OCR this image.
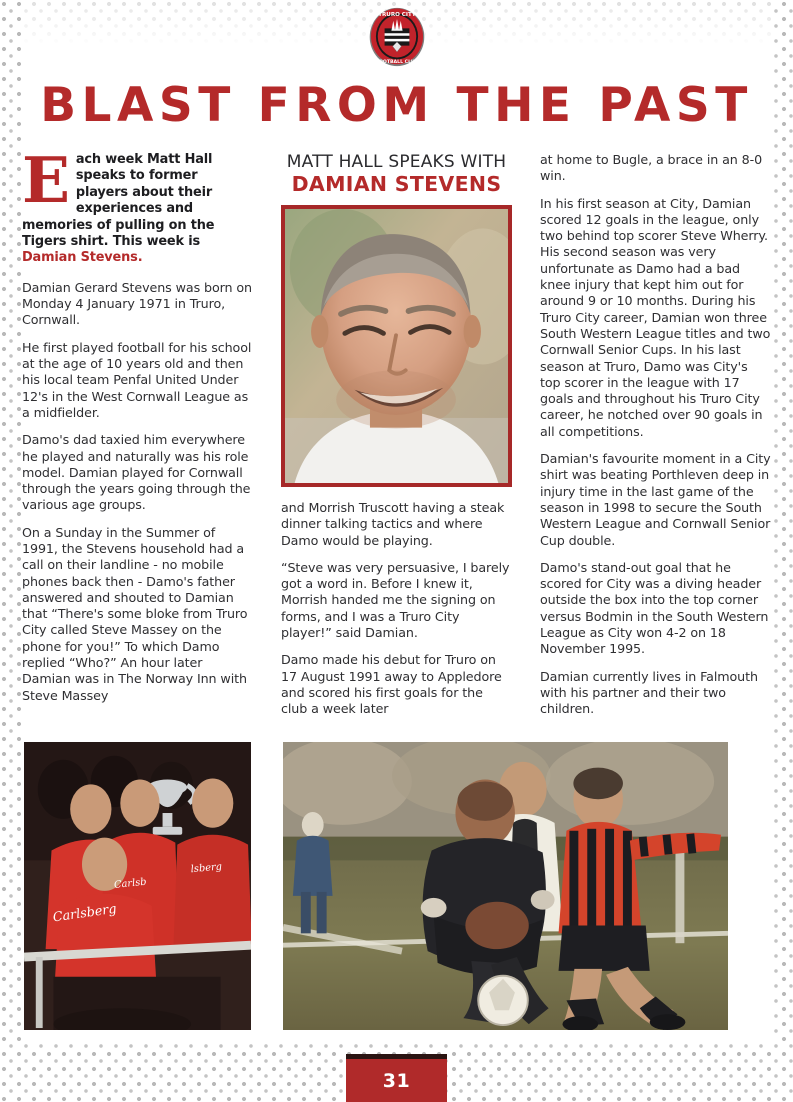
TRURO CITY
FOOTBALL CLUB
BLAST FROM THE PAST

Each week Matt Hall speaks to former players about their experiences and memories of pulling on the Tigers shirt. This week is Damian Stevens.

Damian Gerard Stevens was born on Monday 4 January 1971 in Truro, Cornwall.

He first played football for his school at the age of 10 years old and then his local team Penfal United Under 12's in the West Cornwall League as a midfielder.

Damo's dad taxied him everywhere he played and naturally was his role model. Damian played for Cornwall through the years going through the various age groups.

On a Sunday in the Summer of 1991, the Stevens household had a call on their landline - no mobile phones back then - Damo's father answered and shouted to Damian that “There's some bloke from Truro City called Steve Massey on the phone for you!” To which Damo replied “Who?” An hour later Damian was in The Norway Inn with Steve Massey

MATT HALL SPEAKS WITH
DAMIAN STEVENS

and Morrish Truscott having a steak dinner talking tactics and where Damo would be playing.

“Steve was very persuasive, I barely got a word in. Before I knew it, Morrish handed me the signing on forms, and I was a Truro City player!” said Damian.

Damo made his debut for Truro on 17 August 1991 away to Appledore and scored his first goals for the club a week later

at home to Bugle, a brace in an 8-0 win.

In his first season at City, Damian scored 12 goals in the league, only two behind top scorer Steve Wherry. His second season was very unfortunate as Damo had a bad knee injury that kept him out for around 9 or 10 months. During his Truro City career, Damian won three South Western League titles and two Cornwall Senior Cups. In his last season at Truro, Damo was City's top scorer in the league with 17 goals and throughout his Truro City career, he notched over 90 goals in all competitions.

Damian's favourite moment in a City shirt was beating Porthleven deep in injury time in the last game of the season in 1998 to secure the South Western League and Cornwall Senior Cup double.

Damo's stand-out goal that he scored for City was a diving header outside the box into the top corner versus Bodmin in the South Western League as City won 4-2 on 18 November 1995.

Damian currently lives in Falmouth with his partner and their two children.

Carlsberg
Carlsb
lsberg
31
